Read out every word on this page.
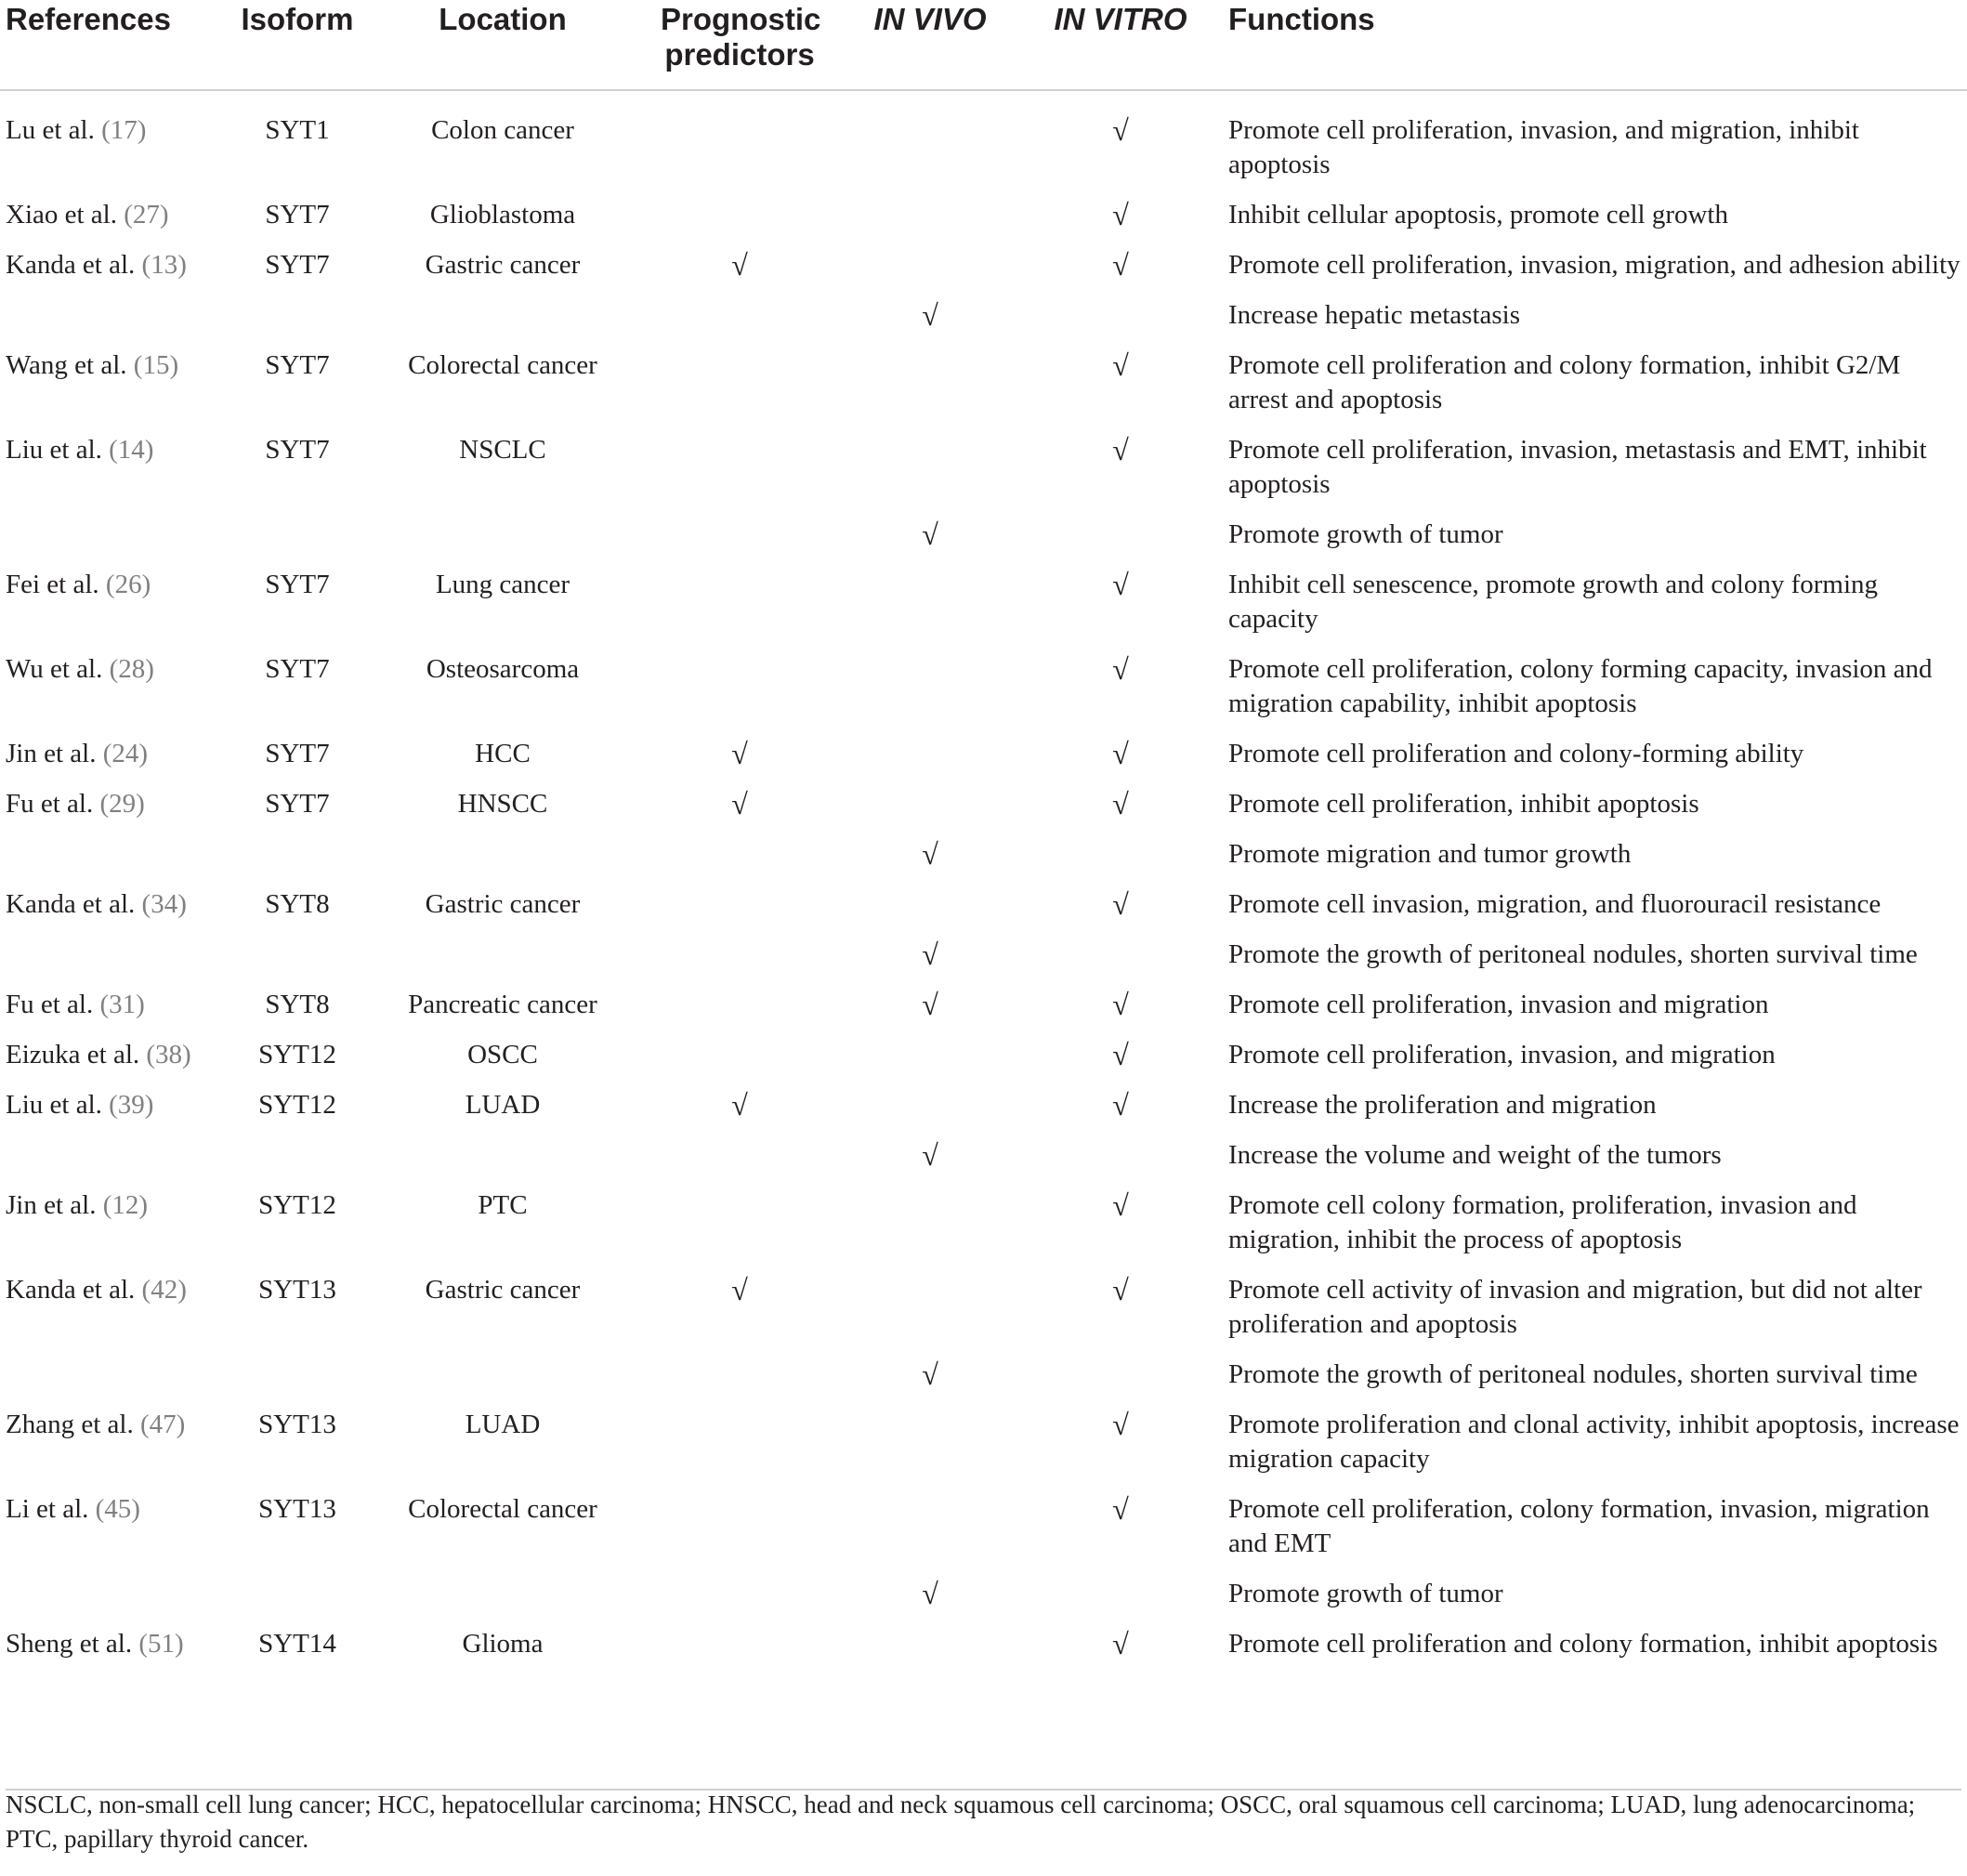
References	Isoform	Location	Prognostic predictors	IN VIVO	IN VITRO	Functions
Lu et al. (17)	SYT1	Colon cancer			√	Promote cell proliferation, invasion, and migration, inhibit apoptosis
Xiao et al. (27)	SYT7	Glioblastoma			√	Inhibit cellular apoptosis, promote cell growth
Kanda et al. (13)	SYT7	Gastric cancer	√		√	Promote cell proliferation, invasion, migration, and adhesion ability
				√		Increase hepatic metastasis
Wang et al. (15)	SYT7	Colorectal cancer			√	Promote cell proliferation and colony formation, inhibit G2/M arrest and apoptosis
Liu et al. (14)	SYT7	NSCLC			√	Promote cell proliferation, invasion, metastasis and EMT, inhibit apoptosis
				√		Promote growth of tumor
Fei et al. (26)	SYT7	Lung cancer			√	Inhibit cell senescence, promote growth and colony forming capacity
Wu et al. (28)	SYT7	Osteosarcoma			√	Promote cell proliferation, colony forming capacity, invasion and migration capability, inhibit apoptosis
Jin et al. (24)	SYT7	HCC	√		√	Promote cell proliferation and colony-forming ability
Fu et al. (29)	SYT7	HNSCC	√		√	Promote cell proliferation, inhibit apoptosis
				√		Promote migration and tumor growth
Kanda et al. (34)	SYT8	Gastric cancer			√	Promote cell invasion, migration, and fluorouracil resistance
				√		Promote the growth of peritoneal nodules, shorten survival time
Fu et al. (31)	SYT8	Pancreatic cancer		√	√	Promote cell proliferation, invasion and migration
Eizuka et al. (38)	SYT12	OSCC			√	Promote cell proliferation, invasion, and migration
Liu et al. (39)	SYT12	LUAD	√		√	Increase the proliferation and migration
				√		Increase the volume and weight of the tumors
Jin et al. (12)	SYT12	PTC			√	Promote cell colony formation, proliferation, invasion and migration, inhibit the process of apoptosis
Kanda et al. (42)	SYT13	Gastric cancer	√		√	Promote cell activity of invasion and migration, but did not alter proliferation and apoptosis
				√		Promote the growth of peritoneal nodules, shorten survival time
Zhang et al. (47)	SYT13	LUAD			√	Promote proliferation and clonal activity, inhibit apoptosis, increase migration capacity
Li et al. (45)	SYT13	Colorectal cancer			√	Promote cell proliferation, colony formation, invasion, migration and EMT
				√		Promote growth of tumor
Sheng et al. (51)	SYT14	Glioma			√	Promote cell proliferation and colony formation, inhibit apoptosis
NSCLC, non-small cell lung cancer; HCC, hepatocellular carcinoma; HNSCC, head and neck squamous cell carcinoma; OSCC, oral squamous cell carcinoma; LUAD, lung adenocarcinoma; PTC, papillary thyroid cancer.
